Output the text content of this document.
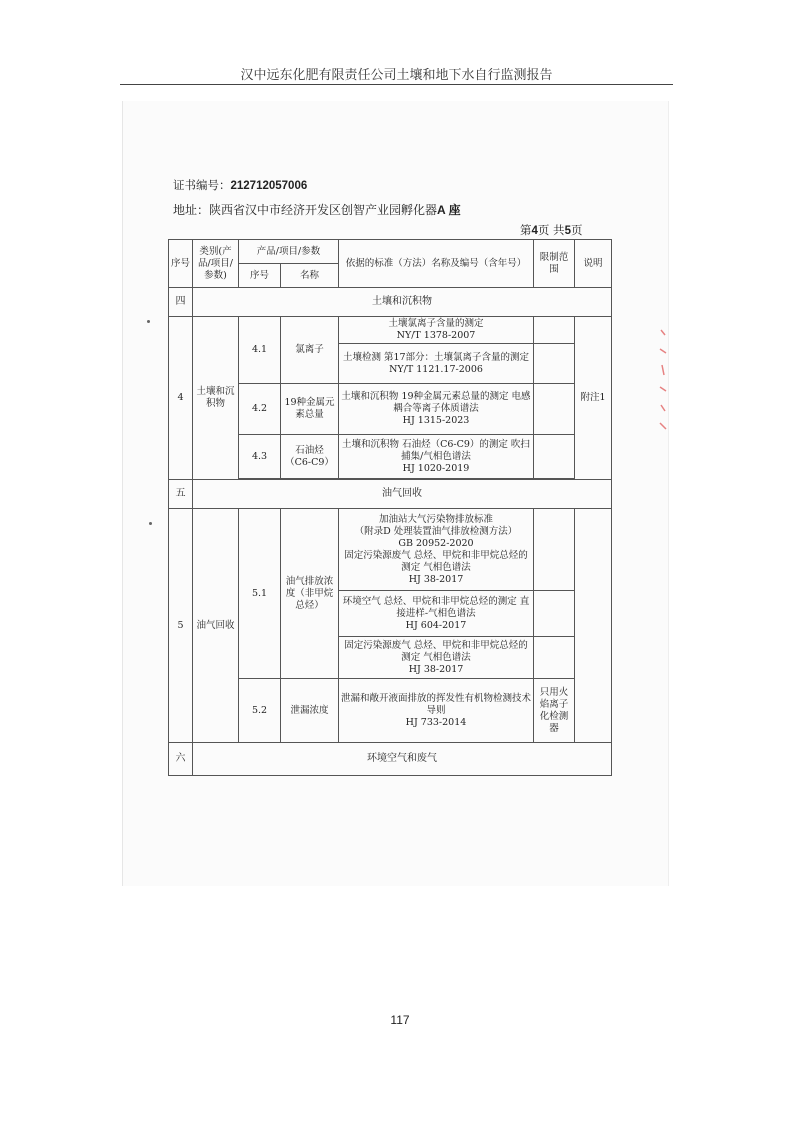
汉中远东化肥有限责任公司土壤和地下水自行监测报告
证书编号：212712057006
地址：陕西省汉中市经济开发区创智产业园孵化器A 座
第4页 共5页
序号	类别(产品/项目/参数)	产品/项目/参数		依据的标准（方法）名称及编号（含年号）	限制范围	说明
		序号	名称			
四	土壤和沉积物					
4	土壤和沉积物	4.1	氯离子	土壤氯离子含量的测定
NY/T 1378-2007		附注1

				土壤检测 第17部分：土壤氯离子含量的测定
NY/T 1121.17-2006		

		4.2	19种金属元素总量	土壤和沉积物 19种金属元素总量的测定 电感耦合等离子体质谱法
HJ 1315-2023		

		4.3	石油烃（C6-C9）	土壤和沉积物 石油烃（C6-C9）的测定 吹扫捕集/气相色谱法
HJ 1020-2019		

五	油气回收					
5	油气回收	5.1	油气排放浓度（非甲烷总烃）	加油站大气污染物排放标准
（附录D 处理装置油气排放检测方法）
GB 20952-2020
固定污染源废气 总烃、甲烷和非甲烷总烃的测定 气相色谱法
HJ 38-2017		

				环境空气 总烃、甲烷和非甲烷总烃的测定 直接进样-气相色谱法
HJ 604-2017		

				固定污染源废气 总烃、甲烷和非甲烷总烃的测定 气相色谱法
HJ 38-2017		

		5.2	泄漏浓度	泄漏和敞开液面排放的挥发性有机物检测技术导则
HJ 733-2014	只用火焰离子化检测器	
六	环境空气和废气					
117
